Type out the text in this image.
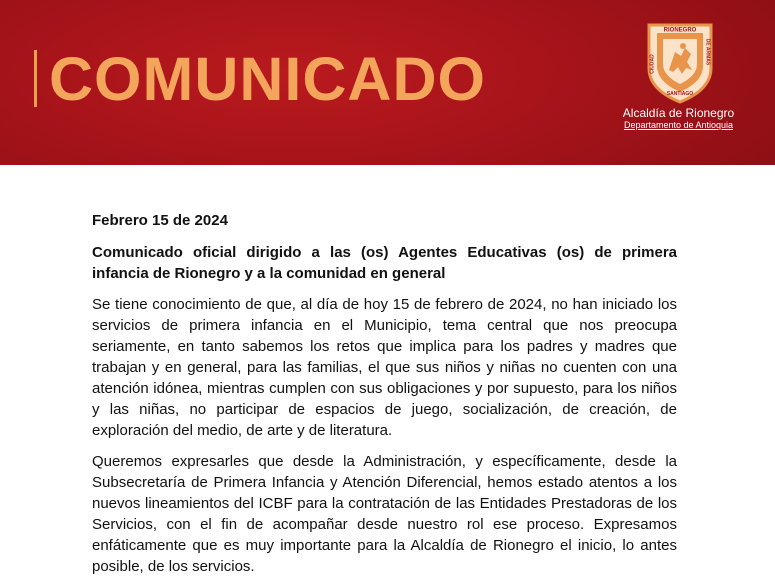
COMUNICADO
RIONEGRO
CIUDAD	DE ARMAS
SANTIAGO
Alcaldía de Rionegro
Departamento de Antioquia

Febrero 15 de 2024

Comunicado oficial dirigido a las (os) Agentes Educativas (os) de primera infancia de Rionegro y a la comunidad en general

Se tiene conocimiento de que, al día de hoy 15 de febrero de 2024, no han iniciado los servicios de primera infancia en el Municipio, tema central que nos preocupa seriamente, en tanto sabemos los retos que implica para los padres y madres que trabajan y en general, para las familias, el que sus niños y niñas no cuenten con una atención idónea, mientras cumplen con sus obligaciones y por supuesto, para los niños y las niñas, no participar de espacios de juego, socialización, de creación, de exploración del medio, de arte y de literatura.

Queremos expresarles que desde la Administración, y específicamente, desde la Subsecretaría de Primera Infancia y Atención Diferencial, hemos estado atentos a los nuevos lineamientos del ICBF para la contratación de las Entidades Prestadoras de los Servicios, con el fin de acompañar desde nuestro rol ese proceso. Expresamos enfáticamente que es muy importante para la Alcaldía de Rionegro el inicio, lo antes posible, de los servicios.
